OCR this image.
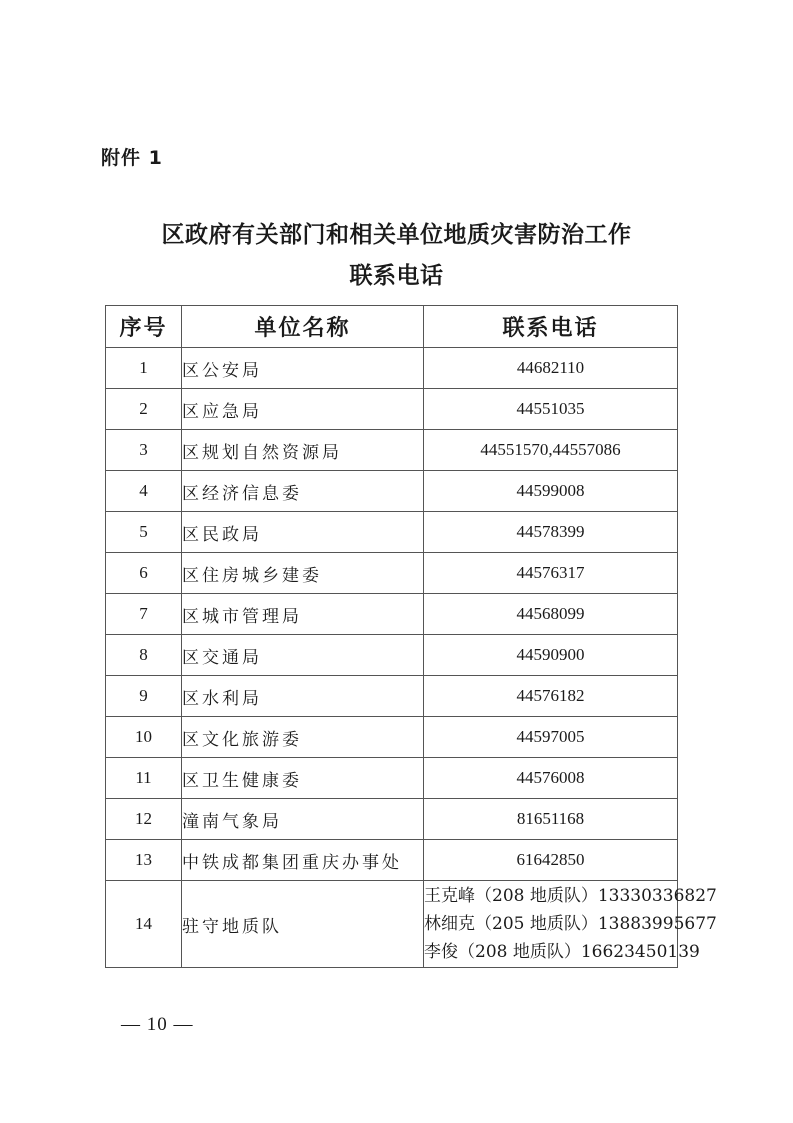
附件 1
区政府有关部门和相关单位地质灾害防治工作
联系电话
序号	单位名称	联系电话
1	区公安局	44682110
2	区应急局	44551035
3	区规划自然资源局	44551570,44557086
4	区经济信息委	44599008
5	区民政局	44578399
6	区住房城乡建委	44576317
7	区城市管理局	44568099
8	区交通局	44590900
9	区水利局	44576182
10	区文化旅游委	44597005
11	区卫生健康委	44576008
12	潼南气象局	81651168
13	中铁成都集团重庆办事处	61642850
14	驻守地质队	王克峰（208 地质队）13330336827
林细克（205 地质队）13883995677
李俊（208 地质队）16623450139
— 10 —
